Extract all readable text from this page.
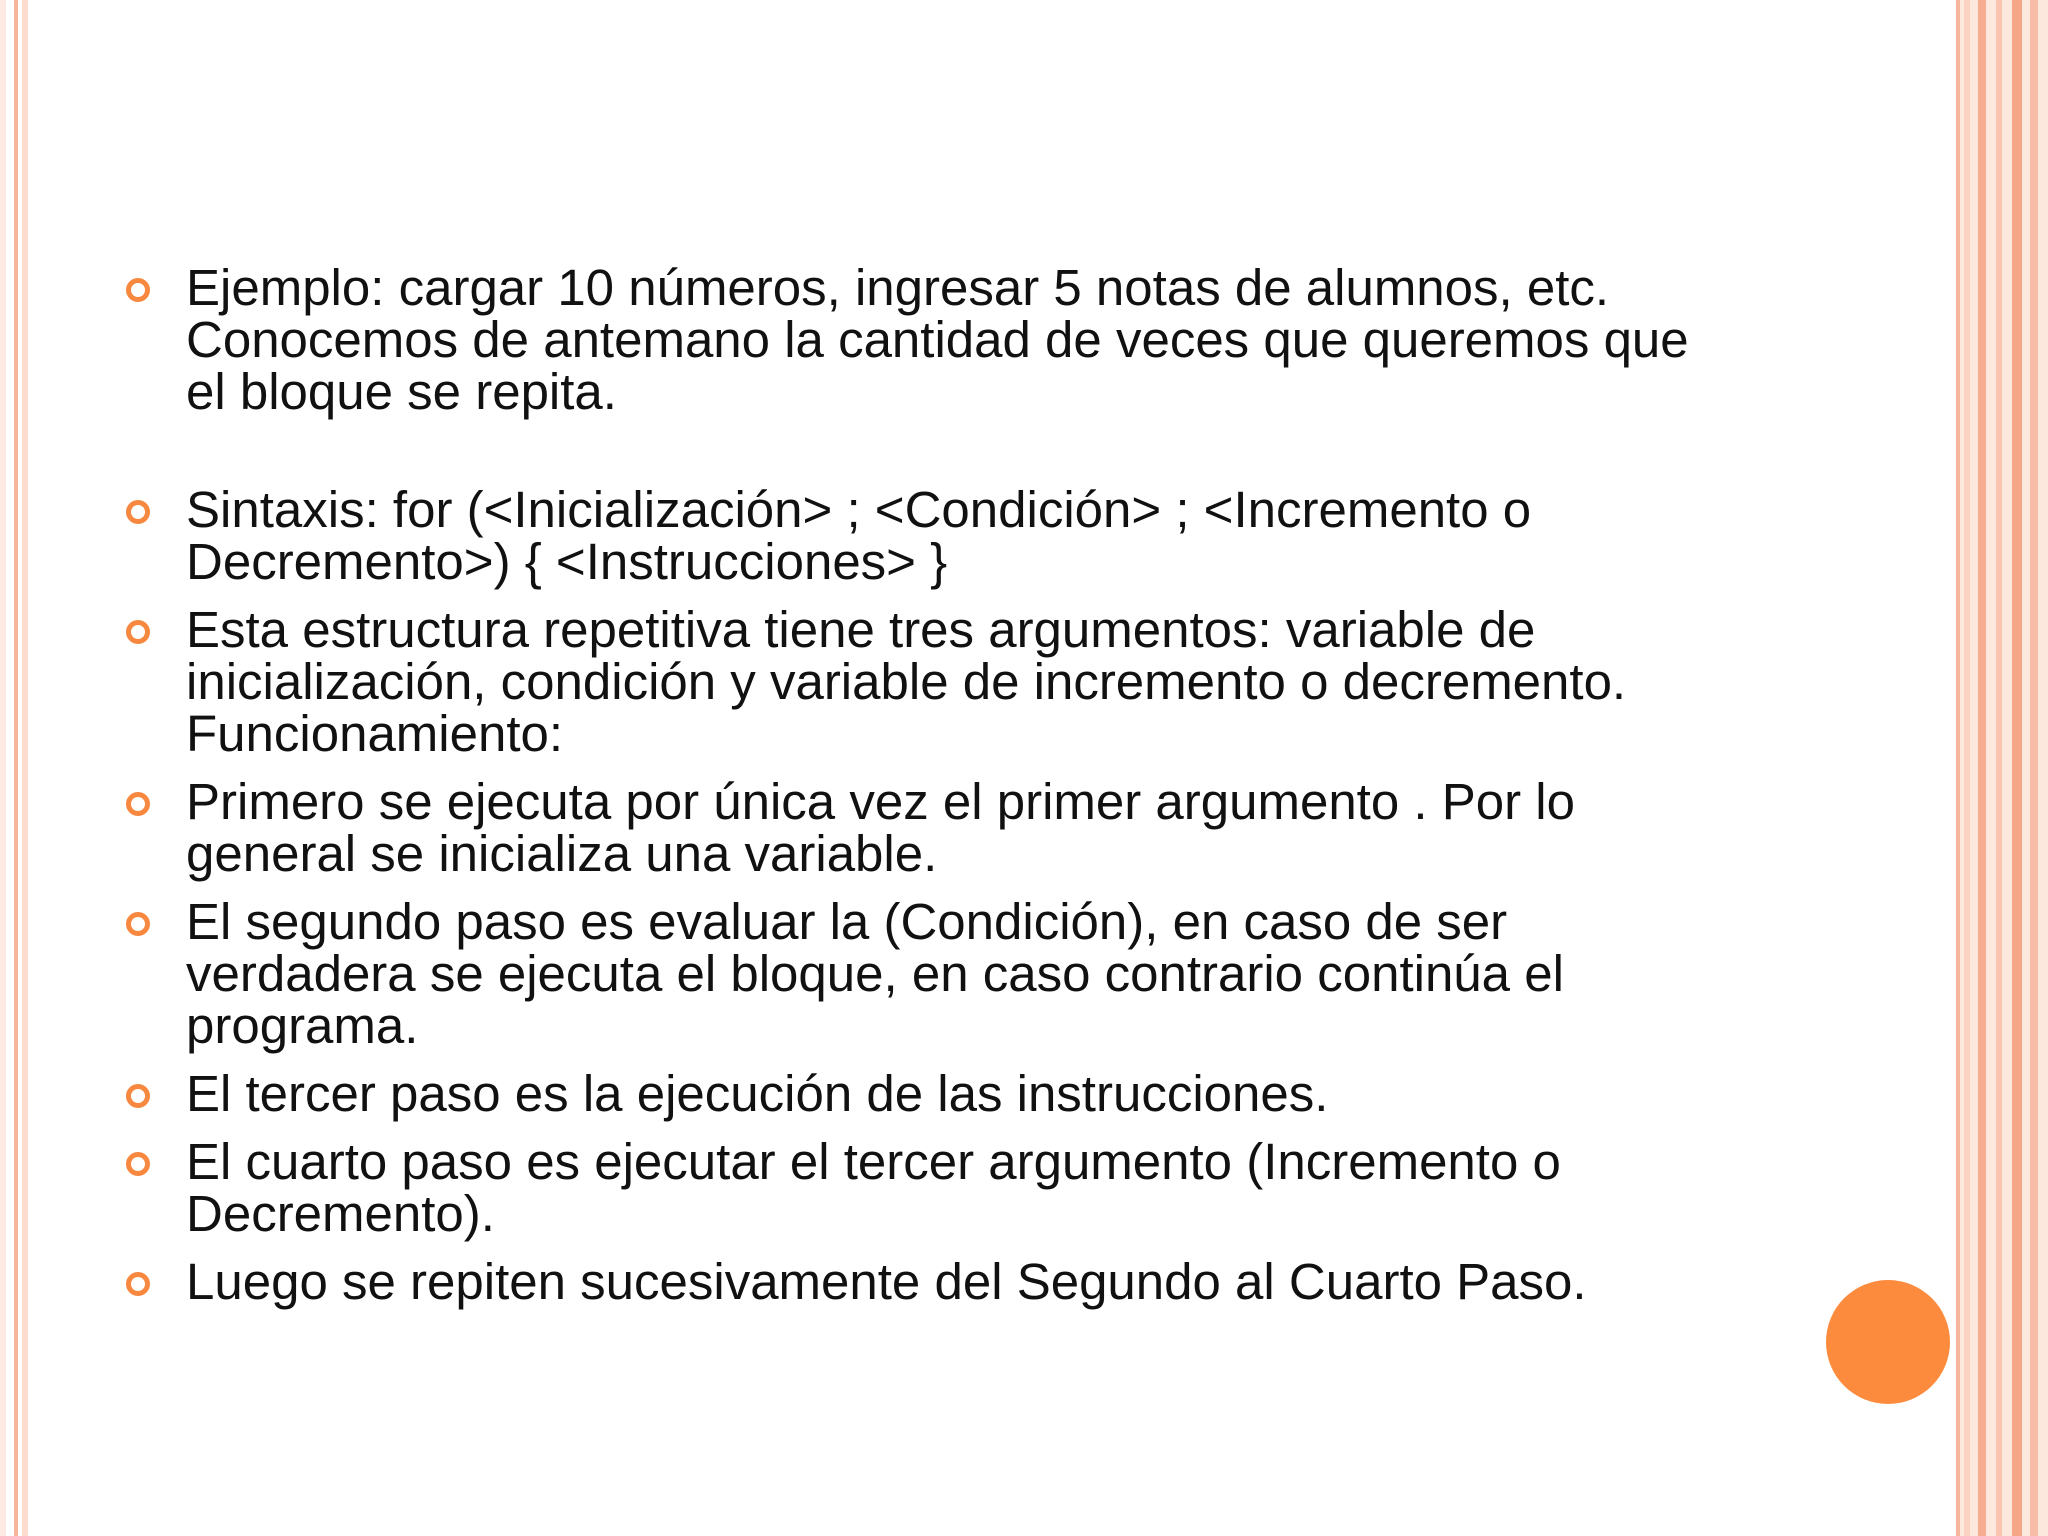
Ejemplo: cargar 10 números, ingresar 5 notas de alumnos, etc. Conocemos de antemano la cantidad de veces que queremos que el bloque se repita.
Sintaxis: for (<Inicialización> ; <Condición> ; <Incremento o Decremento>) { <Instrucciones> }
Esta estructura repetitiva tiene tres argumentos: variable de inicialización, condición y variable de incremento o decremento. Funcionamiento:
Primero se ejecuta por única vez el primer argumento . Por lo general se inicializa una variable.
El segundo paso es evaluar la (Condición), en caso de ser verdadera se ejecuta el bloque, en caso contrario continúa el programa.
El tercer paso es la ejecución de las instrucciones.
El cuarto paso es ejecutar el tercer argumento (Incremento o Decremento).
Luego se repiten sucesivamente del Segundo al Cuarto Paso.
